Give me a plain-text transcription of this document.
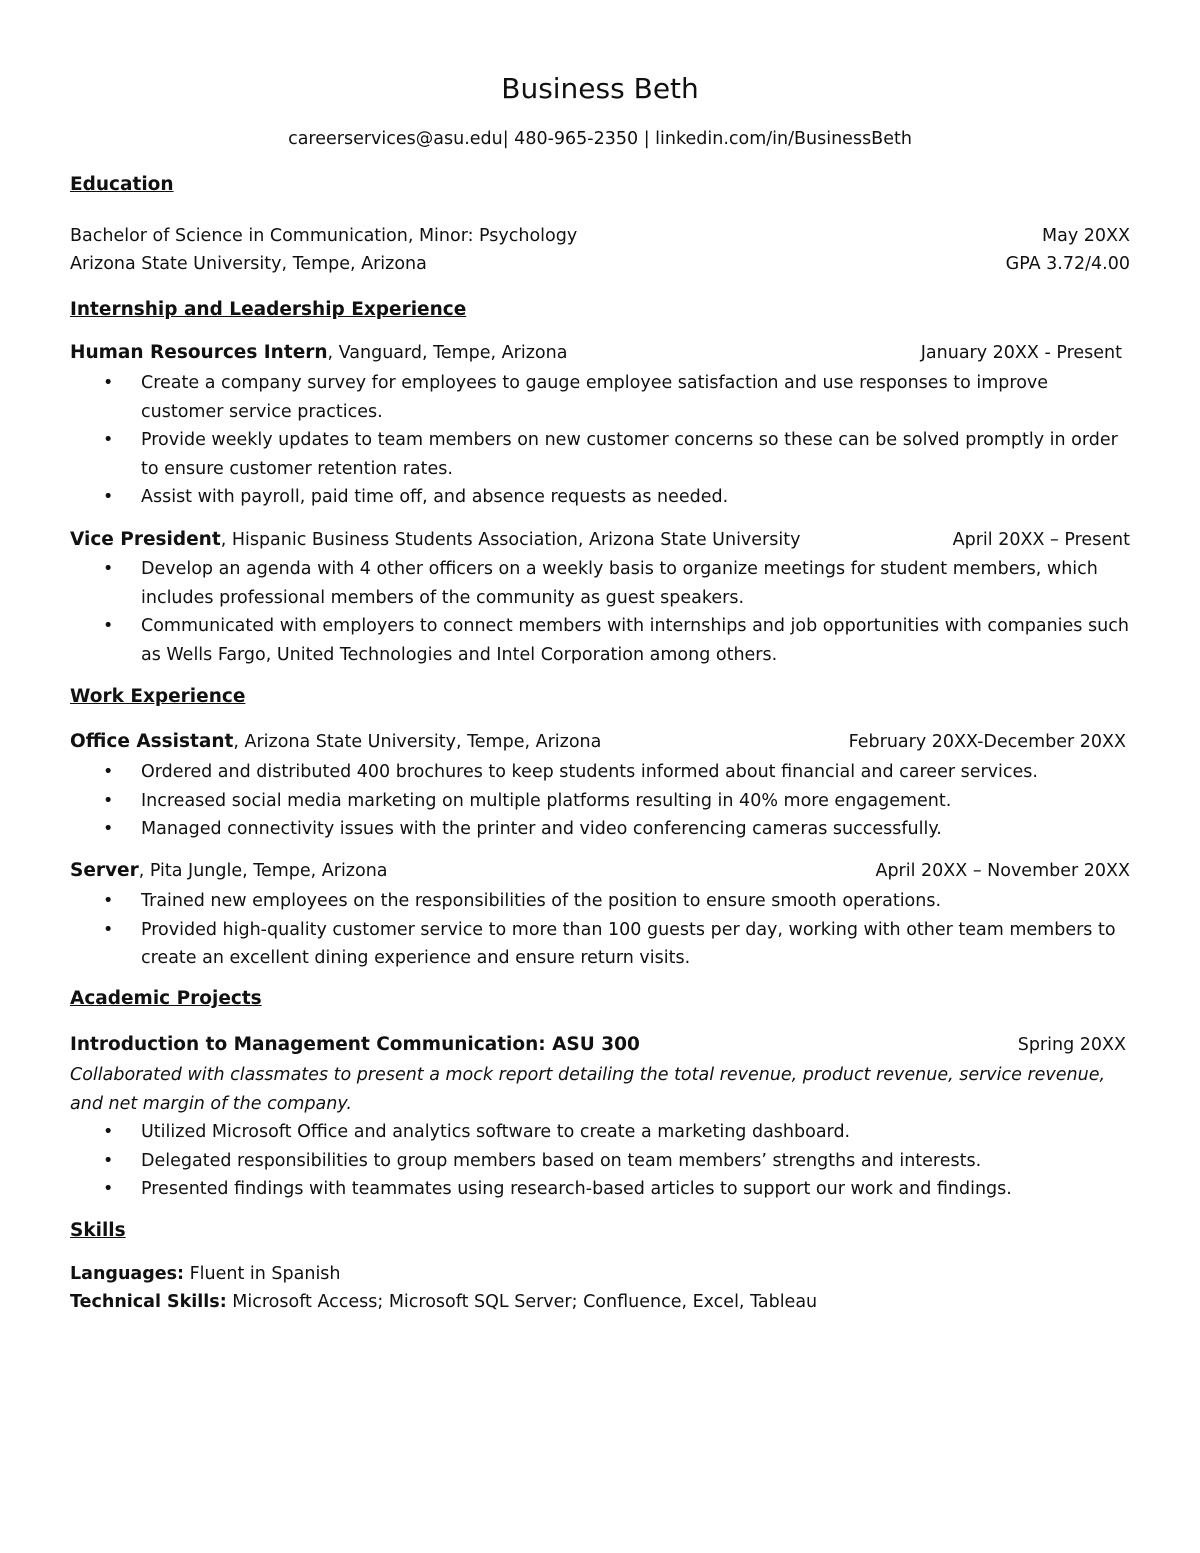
Business Beth
careerservices@asu.edu| 480-965-2350 | linkedin.com/in/BusinessBeth
Education
Bachelor of Science in Communication, Minor: Psychology	May 20XX
Arizona State University, Tempe, Arizona	GPA 3.72/4.00
Internship and Leadership Experience
Human Resources Intern, Vanguard, Tempe, Arizona	January 20XX - Present
• Create a company survey for employees to gauge employee satisfaction and use responses to improve customer service practices.
• Provide weekly updates to team members on new customer concerns so these can be solved promptly in order to ensure customer retention rates.
• Assist with payroll, paid time off, and absence requests as needed.
Vice President, Hispanic Business Students Association, Arizona State University	April 20XX – Present
• Develop an agenda with 4 other officers on a weekly basis to organize meetings for student members, which includes professional members of the community as guest speakers.
• Communicated with employers to connect members with internships and job opportunities with companies such as Wells Fargo, United Technologies and Intel Corporation among others.
Work Experience
Office Assistant, Arizona State University, Tempe, Arizona	February 20XX-December 20XX
• Ordered and distributed 400 brochures to keep students informed about financial and career services.
• Increased social media marketing on multiple platforms resulting in 40% more engagement.
• Managed connectivity issues with the printer and video conferencing cameras successfully.
Server, Pita Jungle, Tempe, Arizona	April 20XX – November 20XX
• Trained new employees on the responsibilities of the position to ensure smooth operations.
• Provided high-quality customer service to more than 100 guests per day, working with other team members to create an excellent dining experience and ensure return visits.
Academic Projects
Introduction to Management Communication: ASU 300	Spring 20XX
Collaborated with classmates to present a mock report detailing the total revenue, product revenue, service revenue, and net margin of the company.
• Utilized Microsoft Office and analytics software to create a marketing dashboard.
• Delegated responsibilities to group members based on team members’ strengths and interests.
• Presented findings with teammates using research-based articles to support our work and findings.
Skills
Languages: Fluent in Spanish
Technical Skills: Microsoft Access; Microsoft SQL Server; Confluence, Excel, Tableau
